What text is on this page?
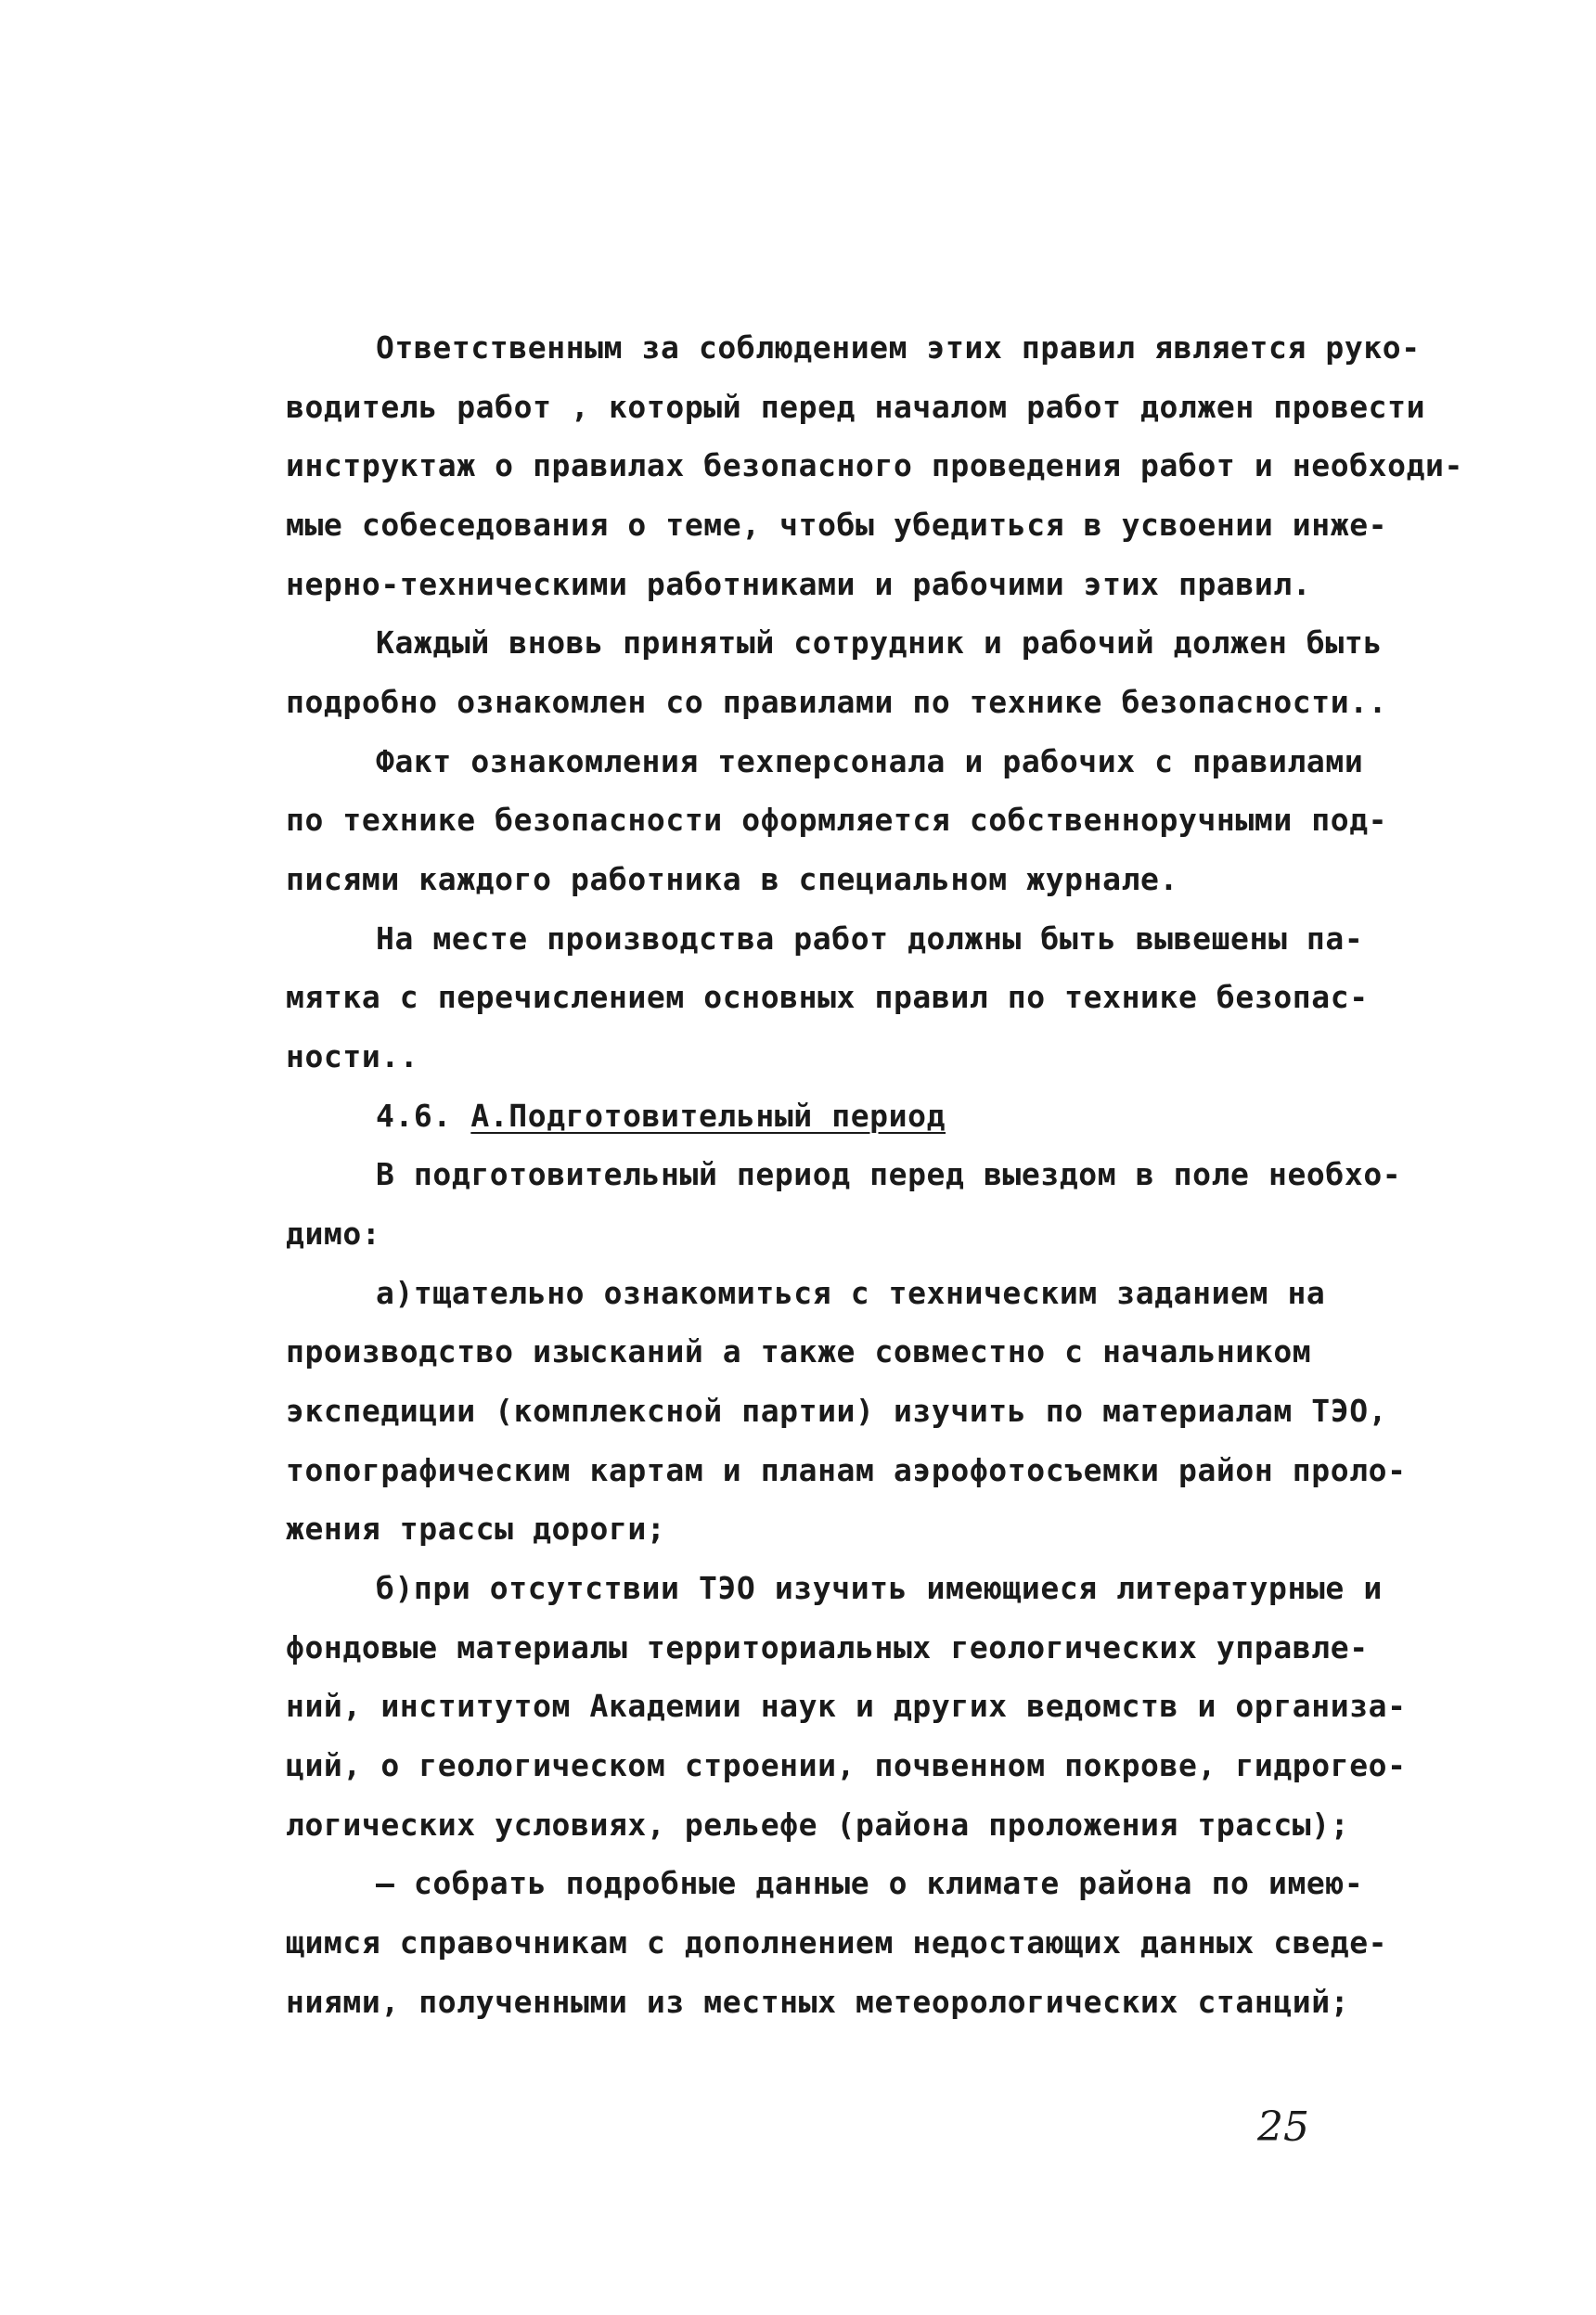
Ответственным за соблюдением этих правил является руко-
водитель работ , который перед началом работ должен провести
инструктаж о правилах безопасного проведения работ и необходи-
мые собеседования о теме, чтобы убедиться в усвоении инже-
нерно-техническими работниками и рабочими этих правил.
Каждый вновь принятый сотрудник и рабочий должен быть
подробно ознакомлен со правилами по технике безопасности..
Факт ознакомления техперсонала и рабочих с правилами
по технике безопасности оформляется собственноручными под-
писями каждого работника в специальном журнале.
На месте производства работ должны быть вывешены па-
мятка с перечислением основных правил по технике безопас-
ности..
4.6. А.Подготовительный период
В подготовительный период перед выездом в поле необхо-
димо:
а)тщательно ознакомиться с техническим заданием на
производство изысканий а также совместно с начальником
экспедиции (комплексной партии) изучить по материалам ТЭО,
топографическим картам и планам аэрофотосъемки район проло-
жения трассы дороги;
б)при отсутствии ТЭО изучить имеющиеся литературные и
фондовые материалы территориальных геологических управле-
ний, институтом Академии наук и других ведомств и организа-
ций, о геологическом строении, почвенном покрове, гидрогео-
логических условиях, рельефе (района проложения трассы);
— собрать подробные данные о климате района по имею-
щимся справочникам с дополнением недостающих данных сведе-
ниями, полученными из местных метеорологических станций;
25
